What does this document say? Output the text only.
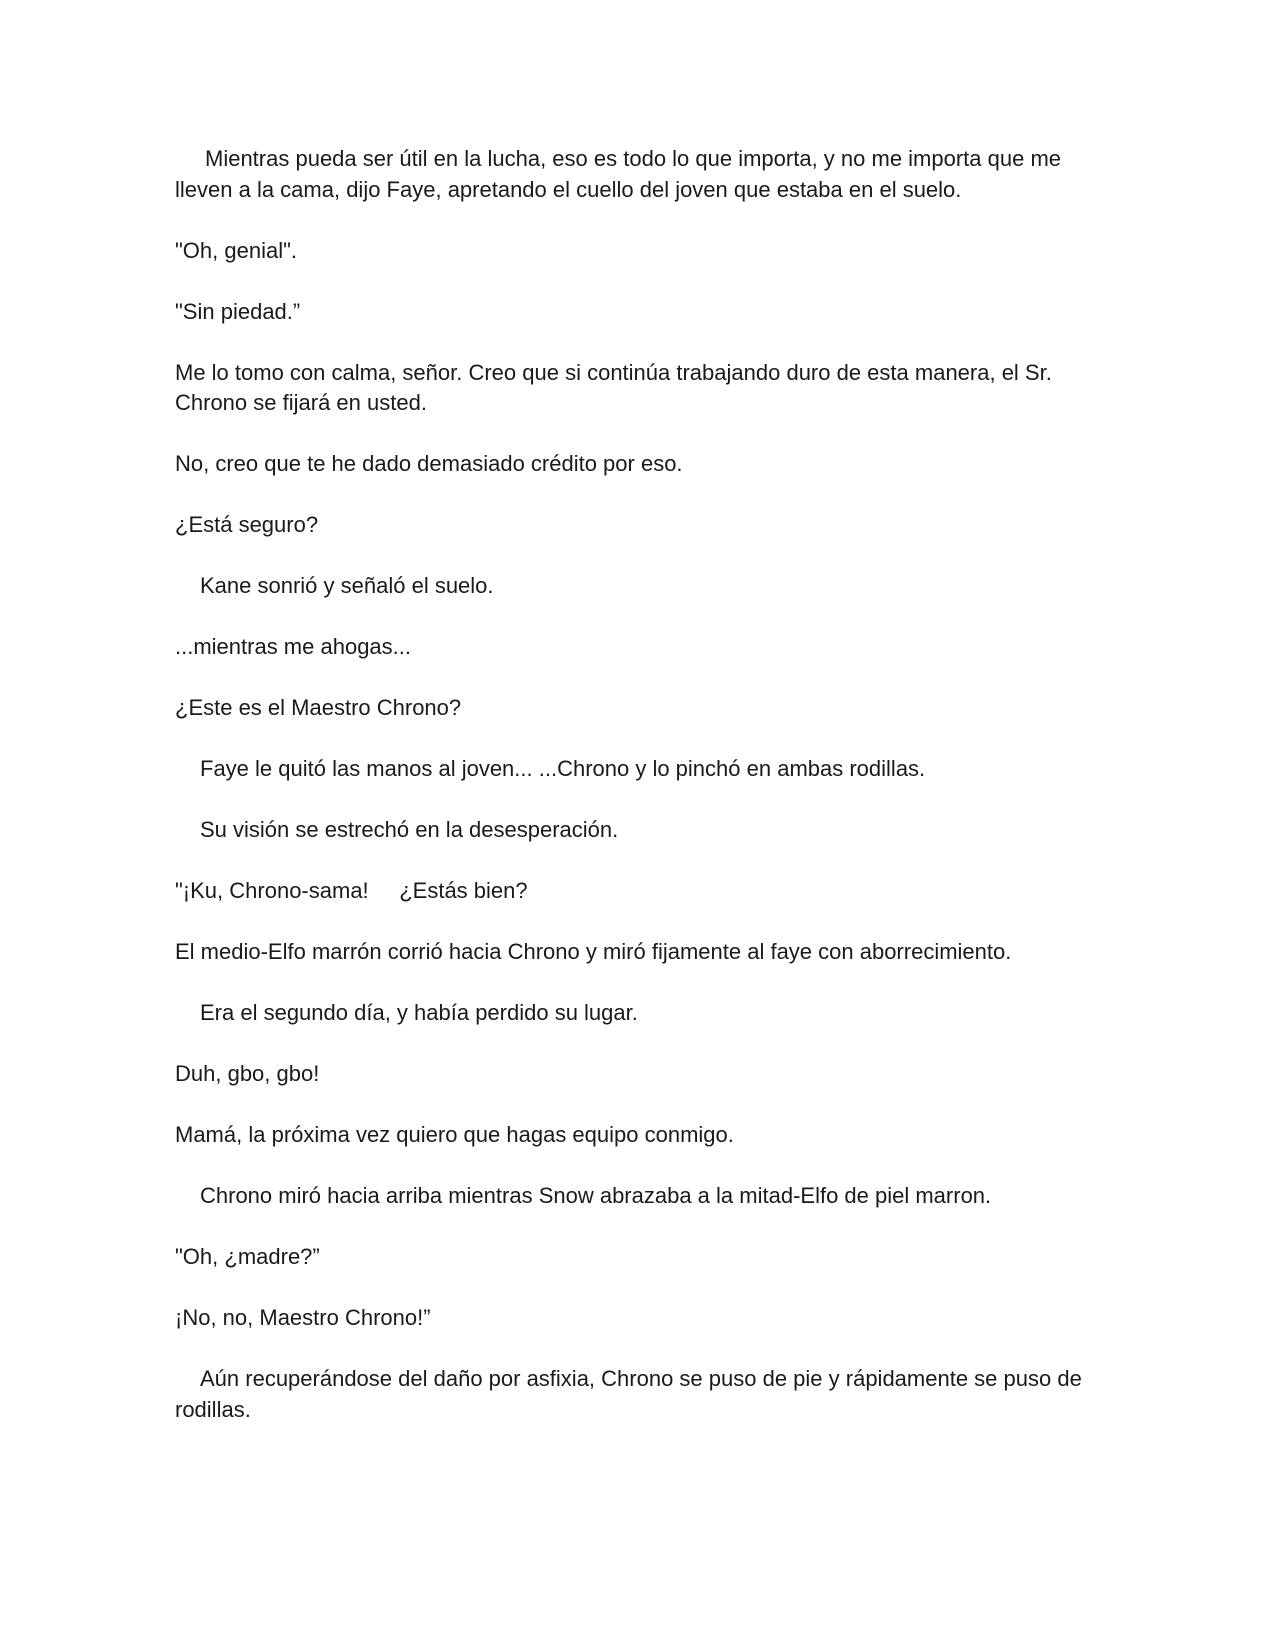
Mientras pueda ser útil en la lucha, eso es todo lo que importa, y no me importa que me lleven a la cama, dijo Faye, apretando el cuello del joven que estaba en el suelo.

"Oh, genial".

"Sin piedad.”

Me lo tomo con calma, señor. Creo que si continúa trabajando duro de esta manera, el Sr. Chrono se fijará en usted.

No, creo que te he dado demasiado crédito por eso.

¿Está seguro?

Kane sonrió y señaló el suelo.

...mientras me ahogas...

¿Este es el Maestro Chrono?

Faye le quitó las manos al joven... ...Chrono y lo pinchó en ambas rodillas.

Su visión se estrechó en la desesperación.

"¡Ku, Chrono-sama!     ¿Estás bien?

El medio-Elfo marrón corrió hacia Chrono y miró fijamente al faye con aborrecimiento.

Era el segundo día, y había perdido su lugar.

Duh, gbo, gbo!

Mamá, la próxima vez quiero que hagas equipo conmigo.

Chrono miró hacia arriba mientras Snow abrazaba a la mitad-Elfo de piel marron.

"Oh, ¿madre?”

¡No, no, Maestro Chrono!”

Aún recuperándose del daño por asfixia, Chrono se puso de pie y rápidamente se puso de rodillas.
